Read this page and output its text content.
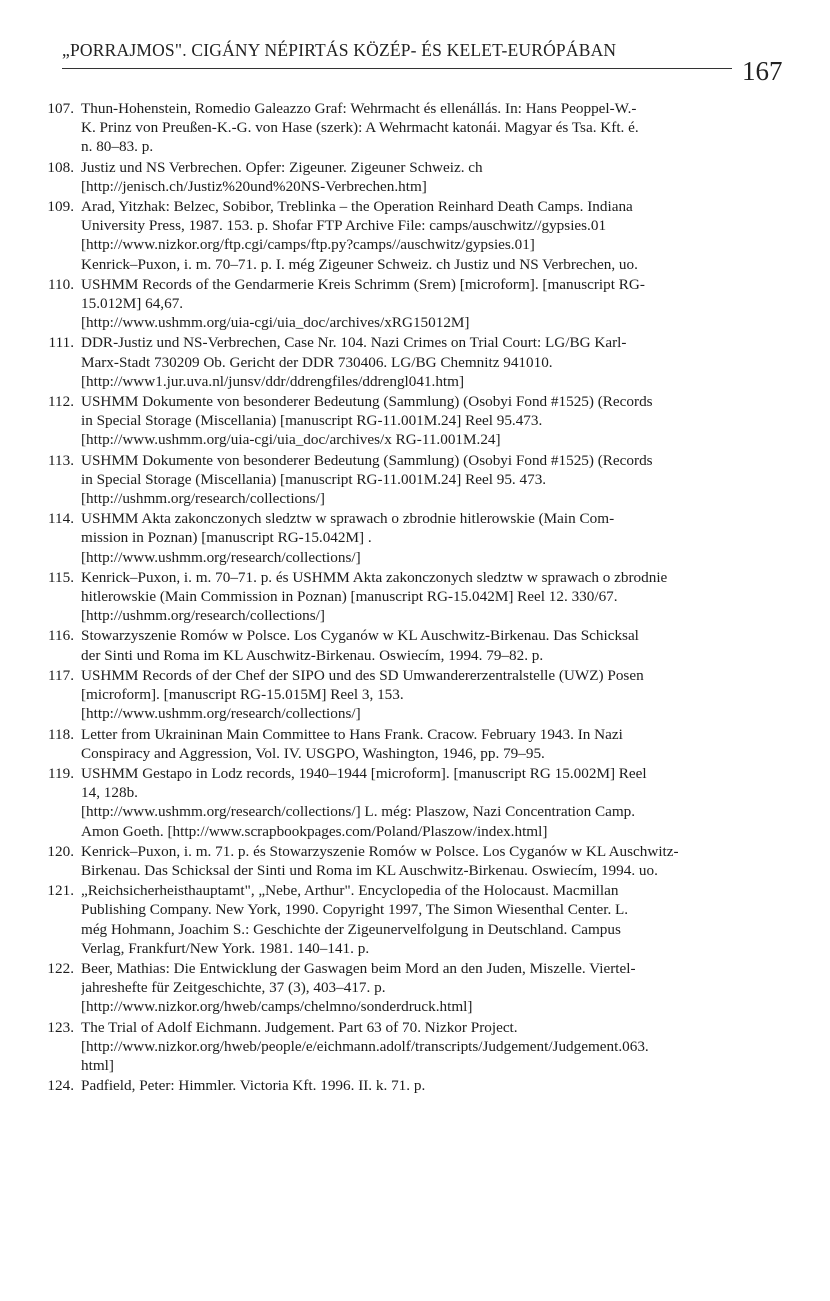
„PORRAJMOS". CIGÁNY NÉPIRTÁS KÖZÉP- ÉS KELET-EURÓPÁBAN
167
107. Thun-Hohenstein, Romedio Galeazzo Graf: Wehrmacht és ellenállás. In: Hans Peoppel-W.-
K. Prinz von Preußen-K.-G. von Hase (szerk): A Wehrmacht katonái. Magyar és Tsa. Kft. é.
n. 80–83. p.
108. Justiz und NS Verbrechen. Opfer: Zigeuner. Zigeuner Schweiz. ch
[http://jenisch.ch/Justiz%20und%20NS-Verbrechen.htm]
109. Arad, Yitzhak: Belzec, Sobibor, Treblinka – the Operation Reinhard Death Camps. Indiana
University Press, 1987. 153. p. Shofar FTP Archive File: camps/auschwitz//gypsies.01
[http://www.nizkor.org/ftp.cgi/camps/ftp.py?camps//auschwitz/gypsies.01]
Kenrick–Puxon, i. m. 70–71. p. I. még Zigeuner Schweiz. ch Justiz und NS Verbrechen, uo.
110. USHMM Records of the Gendarmerie Kreis Schrimm (Srem) [microform]. [manuscript RG-
15.012M] 64,67.
[http://www.ushmm.org/uia-cgi/uia_doc/archives/xRG15012M]
111. DDR-Justiz und NS-Verbrechen, Case Nr. 104. Nazi Crimes on Trial Court: LG/BG Karl-
Marx-Stadt 730209 Ob. Gericht der DDR 730406. LG/BG Chemnitz 941010.
[http://www1.jur.uva.nl/junsv/ddr/ddrengfiles/ddrengl041.htm]
112. USHMM Dokumente von besonderer Bedeutung (Sammlung) (Osobyi Fond #1525) (Records
in Special Storage (Miscellania) [manuscript RG-11.001M.24] Reel 95.473.
[http://www.ushmm.org/uia-cgi/uia_doc/archives/x RG-11.001M.24]
113. USHMM Dokumente von besonderer Bedeutung (Sammlung) (Osobyi Fond #1525) (Records
in Special Storage (Miscellania) [manuscript RG-11.001M.24] Reel 95. 473.
[http://ushmm.org/research/collections/]
114. USHMM Akta zakonczonych sledztw w sprawach o zbrodnie hitlerowskie (Main Com-
mission in Poznan) [manuscript RG-15.042M] .
[http://www.ushmm.org/research/collections/]
115. Kenrick–Puxon, i. m. 70–71. p. és USHMM Akta zakonczonych sledztw w sprawach o zbrodnie
hitlerowskie (Main Commission in Poznan) [manuscript RG-15.042M] Reel 12. 330/67.
[http://ushmm.org/research/collections/]
116. Stowarzyszenie Romów w Polsce. Los Cyganów w KL Auschwitz-Birkenau. Das Schicksal
der Sinti und Roma im KL Auschwitz-Birkenau. Oswiecím, 1994. 79–82. p.
117. USHMM Records of der Chef der SIPO und des SD Umwandererzentralstelle (UWZ) Posen
[microform]. [manuscript RG-15.015M] Reel 3, 153.
[http://www.ushmm.org/research/collections/]
118. Letter from Ukraininan Main Committee to Hans Frank. Cracow. February 1943. In Nazi
Conspiracy and Aggression, Vol. IV. USGPO, Washington, 1946, pp. 79–95.
119. USHMM Gestapo in Lodz records, 1940–1944 [microform]. [manuscript RG 15.002M] Reel
14, 128b.
[http://www.ushmm.org/research/collections/] L. még: Plaszow, Nazi Concentration Camp.
Amon Goeth. [http://www.scrapbookpages.com/Poland/Plaszow/index.html]
120. Kenrick–Puxon, i. m. 71. p. és Stowarzyszenie Romów w Polsce. Los Cyganów w KL Auschwitz-
Birkenau. Das Schicksal der Sinti und Roma im KL Auschwitz-Birkenau. Oswiecím, 1994. uo.
121. „Reichsicherheisthauptamt", „Nebe, Arthur". Encyclopedia of the Holocaust. Macmillan
Publishing Company. New York, 1990. Copyright 1997, The Simon Wiesenthal Center. L.
még Hohmann, Joachim S.: Geschichte der Zigeunervelfolgung in Deutschland. Campus
Verlag, Frankfurt/New York. 1981. 140–141. p.
122. Beer, Mathias: Die Entwicklung der Gaswagen beim Mord an den Juden, Miszelle. Viertel-
jahreshefte für Zeitgeschichte, 37 (3), 403–417. p.
[http://www.nizkor.org/hweb/camps/chelmno/sonderdruck.html]
123. The Trial of Adolf Eichmann. Judgement. Part 63 of 70. Nizkor Project.
[http://www.nizkor.org/hweb/people/e/eichmann.adolf/transcripts/Judgement/Judgement.063.
html]
124. Padfield, Peter: Himmler. Victoria Kft. 1996. II. k. 71. p.
